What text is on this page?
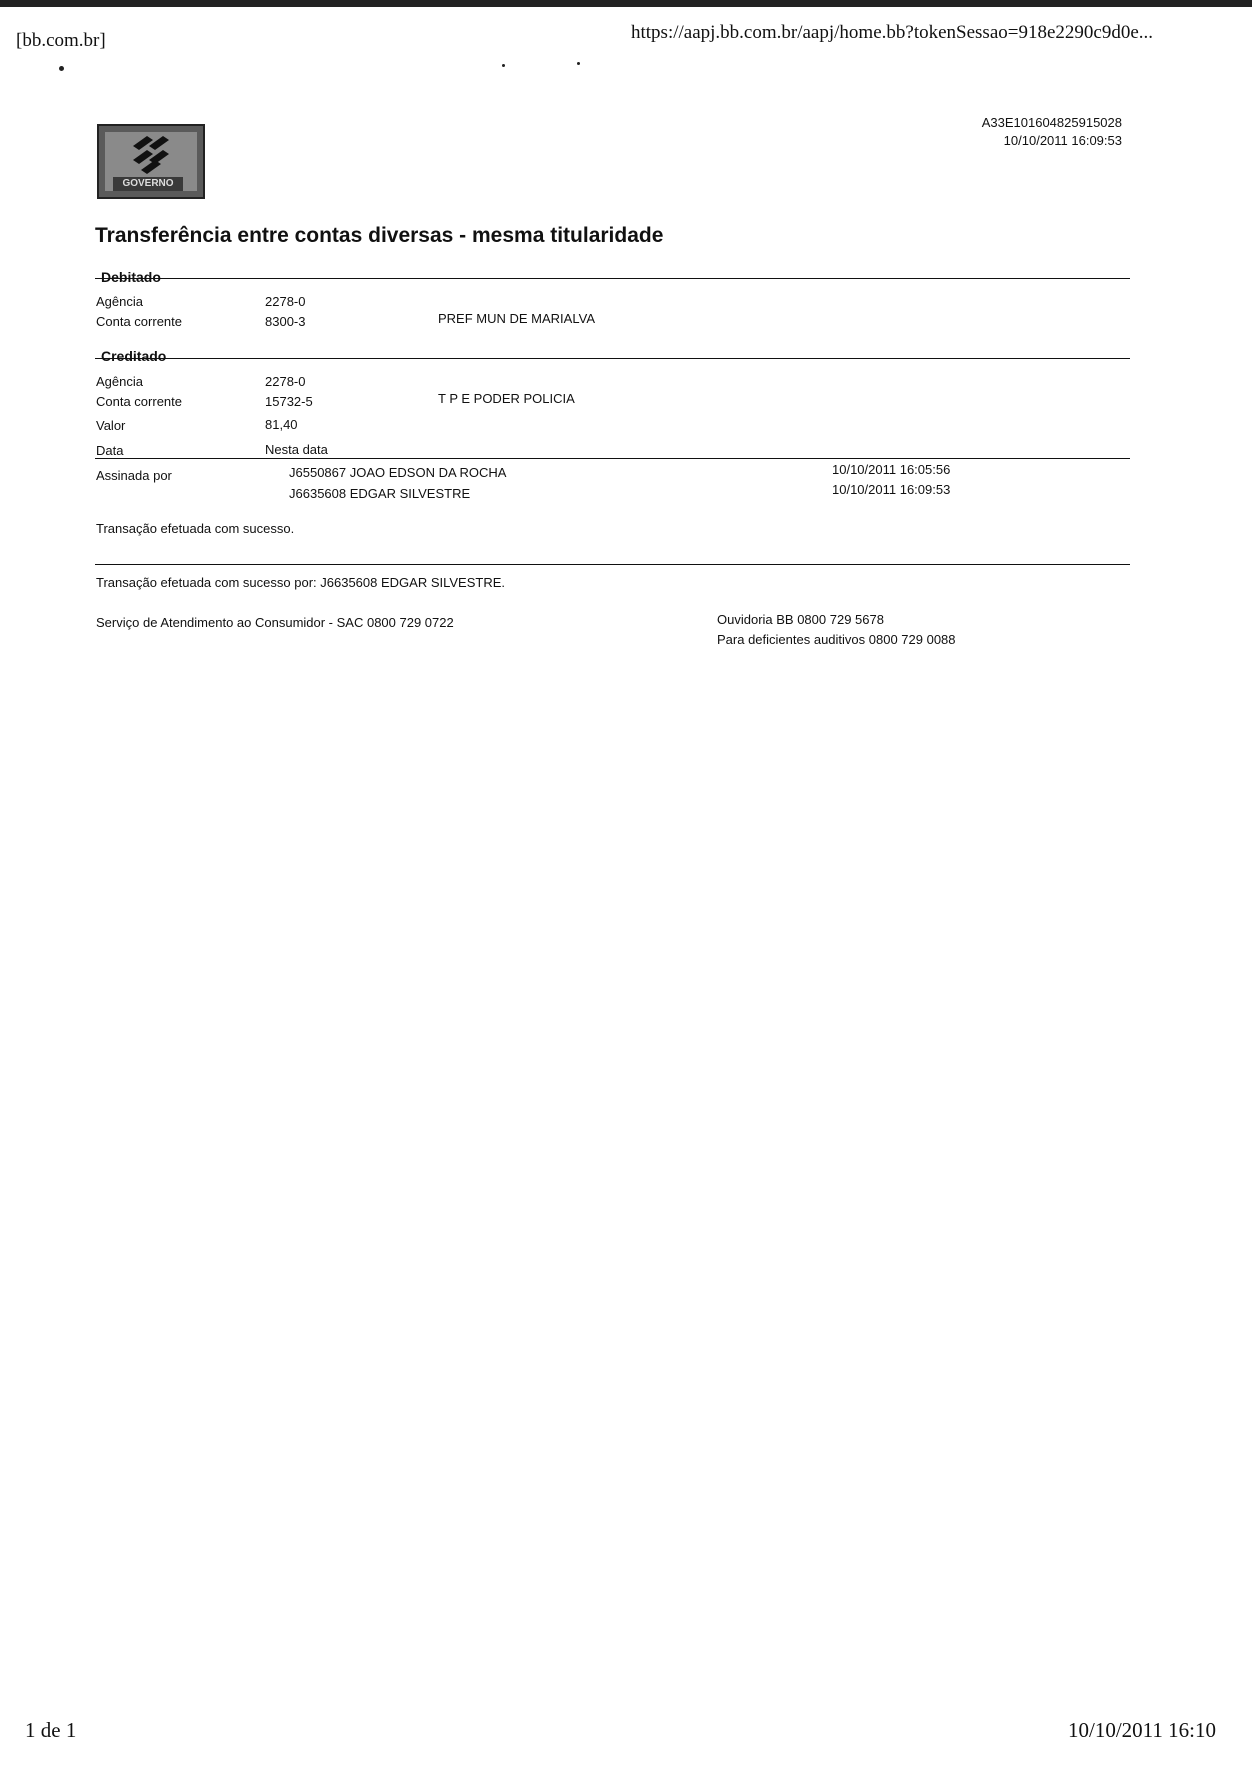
[bb.com.br]	https://aapj.bb.com.br/aapj/home.bb?tokenSessao=918e2290c9d0e...
GOVERNO
A33E101604825915028
10/10/2011 16:09:53
Transferência entre contas diversas - mesma titularidade
Debitado
Agência	2278-0
Conta corrente	8300-3	PREF MUN DE MARIALVA
Creditado
Agência	2278-0
Conta corrente	15732-5	T P E PODER POLICIA
Valor	81,40
Data	Nesta data
Assinada por	J6550867 JOAO EDSON DA ROCHA	10/10/2011 16:05:56
J6635608 EDGAR SILVESTRE	10/10/2011 16:09:53
Transação efetuada com sucesso.
Transação efetuada com sucesso por: J6635608 EDGAR SILVESTRE.
Serviço de Atendimento ao Consumidor - SAC 0800 729 0722	Ouvidoria BB 0800 729 5678
Para deficientes auditivos 0800 729 0088
1 de 1	10/10/2011 16:10
